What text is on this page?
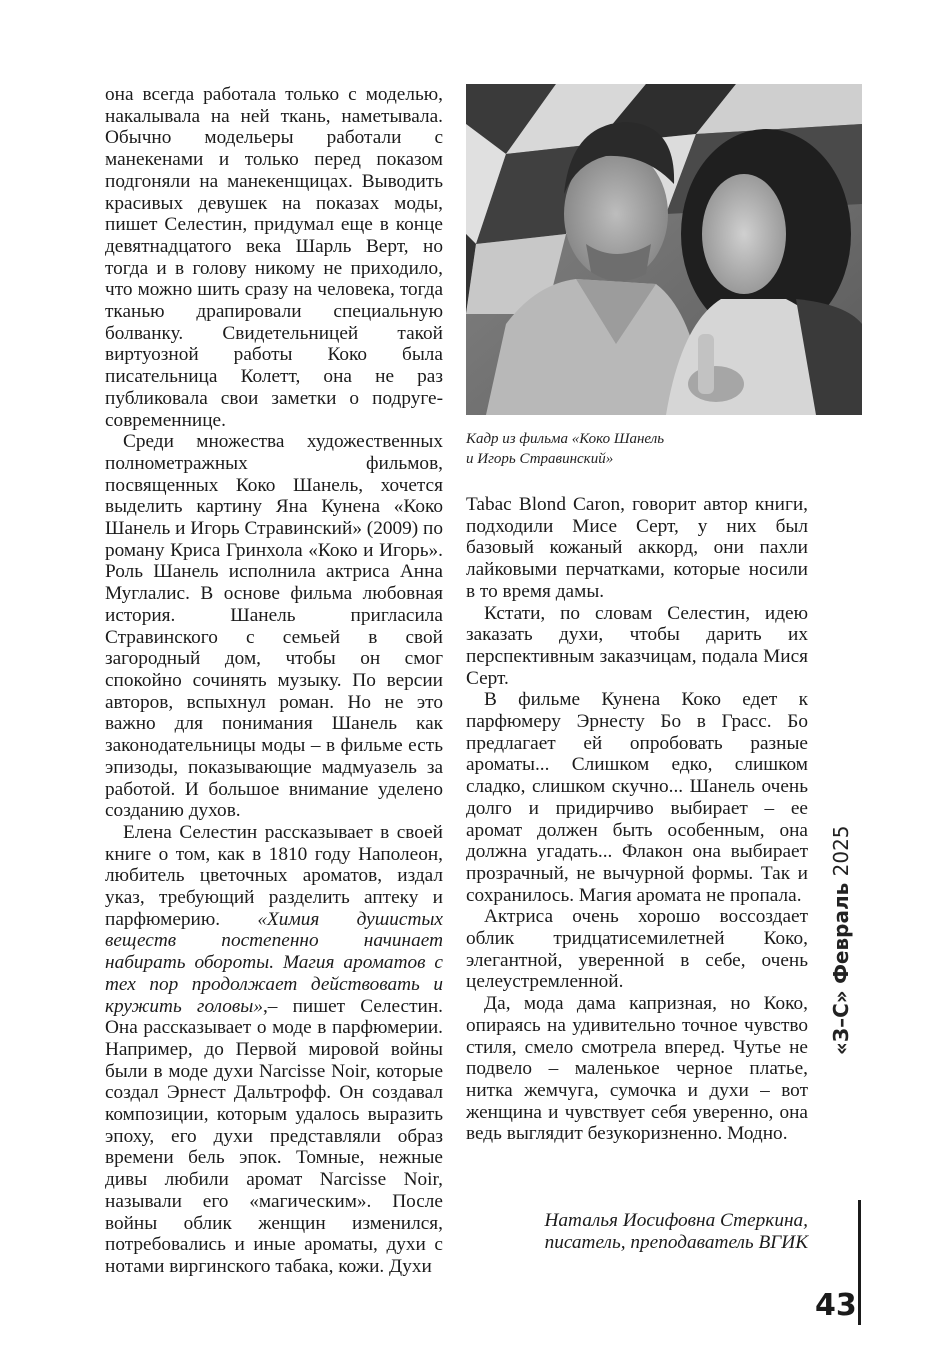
она всегда работала только с моделью, накалывала на ней ткань, наметывала. Обычно модельеры работали с манекенами и только перед показом подгоняли на манекенщицах. Выводить красивых девушек на показах моды, пишет Селестин, придумал еще в конце девятнадцатого века Шарль Верт, но тогда и в голову никому не приходило, что можно шить сразу на человека, тогда тканью драпировали специальную болванку. Свидетельницей такой виртуозной работы Коко была писательница Колетт, она не раз публиковала свои заметки о подруге-современнице.

Среди множества художественных полнометражных фильмов, посвященных Коко Шанель, хочется выделить картину Яна Кунена «Коко Шанель и Игорь Стравинский» (2009) по роману Криса Гринхола «Коко и Игорь». Роль Шанель исполнила актриса Анна Муглалис. В основе фильма любовная история. Шанель пригласила Стравинского с семьей в свой загородный дом, чтобы он смог спокойно сочинять музыку. По версии авторов, вспыхнул роман. Но не это важно для понимания Шанель как законодательницы моды – в фильме есть эпизоды, показывающие мадмуазель за работой. И большое внимание уделено созданию духов.

Елена Селестин рассказывает в своей книге о том, как в 1810 году Наполеон, любитель цветочных ароматов, издал указ, требующий разделить аптеку и парфюмерию. «Химия душистых веществ постепенно начинает набирать обороты. Магия ароматов с тех пор продолжает действовать и кружить головы»,– пишет Селестин. Она рассказывает о моде в парфюмерии. Например, до Первой мировой войны были в моде духи Narcisse Noir, которые создал Эрнест Дальтрофф. Он создавал композиции, которым удалось выразить эпоху, его духи представляли образ времени бель эпок. Томные, нежные дивы любили аромат Narcisse Noir, называли его «магическим». После войны облик женщин изменился, потребовались и иные ароматы, духи с нотами виргинского табака, кожи. Духи

Кадр из фильма «Коко Шанель
и Игорь Стравинский»

Tabac Blond Caron, говорит автор книги, подходили Мисе Серт, у них был базовый кожаный аккорд, они пахли лайковыми перчатками, которые носили в то время дамы.

Кстати, по словам Селестин, идею заказать духи, чтобы дарить их перспективным заказчицам, подала Мися Серт.

В фильме Кунена Коко едет к парфюмеру Эрнесту Бо в Грасс. Бо предлагает ей опробовать разные ароматы... Слишком едко, слишком сладко, слишком скучно... Шанель очень долго и придирчиво выбирает – ее аромат должен быть особенным, она должна угадать... Флакон она выбирает прозрачный, не вычурной формы. Так и сохранилось. Магия аромата не пропала.

Актриса очень хорошо воссоздает облик тридцатисемилетней Коко, элегантной, уверенной в себе, очень целеустремленной.

Да, мода дама капризная, но Коко, опираясь на удивительно точное чувство стиля, смело смотрела вперед. Чутье не подвело – маленькое черное платье, нитка жемчуга, сумочка и духи – вот женщина и чувствует себя уверенно, она ведь выглядит безукоризненно. Модно.

Наталья Иосифовна Стеркина,
писатель, преподаватель ВГИК
«З–С» Февраль 2025
43
